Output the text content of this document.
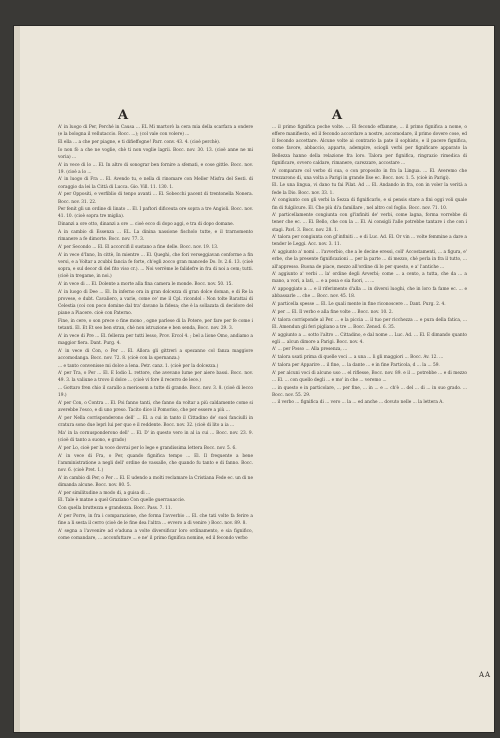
A	A

A' in luogo di Per, Perché in Causa ... EL Mi martorò la cera mia della scarfara a ondere (e la bologna il vellutaccio. Rocc. ...); (col vale con volere) ...

El ella ... a che per piagne, e ti difieffogne! Parr. conv. 43. 4. (cioè perchè).

Io non fò a che ne voglie, chè ti non voglie lagrii. Bocc. nov. 30. 13. (cioè anne ne mi voria) ...

A' in vece di lo ... El. In altro di sonograr ben fornire a sfemati, e cose gittle. Bocc. nov. 19. (cioè a lo ...

A' in luogo di Fra ... El. Avendo tu, e nella di rinomare con Meller Misfra del Sesti. di coraggio da lei la Città di Lucca. Gio. Vill. 11. 130. 1.

A' per Oppositi, e verfiblio di tenpo avanti ... El. Sobecchi pacent di trentonella Nonera. Bocc. nov. 31. 22.

Per fenit gli un ordine di linato ... El. I paftori dificeuta ore sopra a tre Angioli. Bocc. nov. 41. 10. (cioè sopra tre miglia).

Dinanzi a ore otto, dinanzi a ore ... cioè ecco di dopo aggi, e tra di dopo domane.

A in cambio di Essenza ... EL. La dinina nassione fischolo tutte, e il trarnomento rimanere a fe dimorte. Bocc. nov. 77. 3.

A' per Secondo ... El. El accorcifi il sustano a fine delle. Bocc. nov. 19. 13.

A' in vece d'Inno, In cittè, In mientre ... El. Queghi, che fori verseggiavan conforme a fin versi, e a Voltar a zcubbi fancia fe forte, ch'egli zocco gran mancede Do. Iv. 2.6. 13. (cioè sopra, e sul decor di del fito viso cr.). ... Noi verrème le falidefre in fra di noi a cem; tutti. (cioè in tregame, in noi.)

A' in vece di ... El. Dolente a morte alla fina camera le monde. Bocc. nov. 50. 15.

A' in luogo di Dee ... El. In inferno ora in gran dolcezza di gran dolce doman, e di Re la provese, e dubt. Cavaliero, a varie, come ce' me il Cpl. ricondol : Non tolte Barattai di Celestia (coi con poco domine dal tra' davano la fidesa; che è la sollazata di decidore del piane a Piacere. cioè con Paterno.

Fine, in cere, o son prece o fine mono , ogne parlese di la Potere, per fare per fe come i tetanti. El. Et Et seo ben stran, chè non istruzione e ben senda, Bocc. nov. 29. 3.

A' in vece di Pre ... El. fellerza per tutti lesso, Prov. Ercol 4. ; bel a lione Omo, andiamo a maggior fiera. Dant. Purg. 4.

A' in vece di Con, o Per ... El. Allora gli gittreri a spezanno col fanza maggiore accomodanga. Bocc. nov. 72. 8. (cioè con la spernanza.)

... e tanto convenisse mi dolce a lena. Petr. canz. 1. (cioè per la dolcezza.)

A' per Tra, o Per ... El. E Iodio L. rettore, che avevano lume per aiere bassi. Bocc. nov. 49. 3. la valiune a trovo il dolce ... (cioè vi fore il recerro de lece.)

... Gottaro fren chio il carallo a meriosom a tutte di grande. Bocc. nov. 3. 8. (cioè di lecco 19.)

A' per Con, o Contra ... El. Poi fanno tanti, che fanno da voltar a più caldamente come si averebbe l'esco, e di uno preso. Tacito dice il Pomoriso, che per essere a più ...

A' per Nella corrisponderono dell' ... El. a cui in tanto il Cittadino de' suoi fanciulli in cratura sono due lepri lui per quo e il reddente. Bocc. nov. 32. (cioè di lito a ia ...

Ma' in la cornusponderono dell' ... El. D' in questo vero in al ia cui ... Bocc. nov. 23. 9. (cioè di tanto a suono, e grado)

A' per Lo, cioè per la voce dovrai per lo lege e grandissima lettera Bocc. nov. 5. 6.

A' in vece di Fra, o Per, quando fignifica tempo ... El. Il frequente a bene l'amministratione a negli dell' ordine de vassalle, che quando fu tanto e di fanno. Bocc. nov. 6. (cioè Pret. 1.)

A' in cambio di Per, o Per ... El. E udendo a molti reclamare la Cristiana Fede ec. un di ne dimanda alcune. Bocc. nov. 80. 5.

A' per similitudine a modo di, a guisa di ...

El. Tale è matne a quel Graziano Con quelle guerrauaccie.

Con quella bruttezza e grandezza. Bocc. Pass. 7. 11.

A' per Porre, in fra i comparazione, che forma l'avverbio ... El. che tati volte fa ferire a fine a li sesta il cerro (cioè de le fine dea l'altra ... evvero a di venire ) Bocc. nov. 89. 8.

A' segna a l'avvenire ad e'aduna a volte diversificar loro ordinamento, e sia fignifico, come comandare, ... acconfuttare ... e ne' il primo fignifica nomine, ed il fecondo verbo

... il primo fignifica poche volte. ... El fecondo effamme, ... il primo fignifica a nome, o effere manifiesto, ed il fecondo accordare a nostre, accomodare, il primo dovere cose, ed il fecondo accettare. Alcune volte ai contrario la pate il sophisto, e il pacere fignifica, come favore, abbaccio, apparto, adempire, sciogli verbi per fignificare apparato la Bellezza hanno della relazione fra loro. Talora per fignifica, ringrazio rimedica di fignificare, ovvero caldare, rimanere, carezzare, accostare ...

A' comparare col verbo di sua, o con proposito in fra la Lingua. ... El. Averemo che trezzarono di, una volta a Parigi in grande Ilse ec. Bocc. nov. 1. 5. (cioè in Parigi).

El. Le una lingua, vi dano tu fai Pilat. Ad ... El. Andando in fra, con in voler la verità a fede la Dio. Bocc. nov. 33. 1.

A' congiunto con gli verbi la Sezza di fignificarlo, e si pensis stare a fini oggi voli quale fin di fulgilcure. El. Che più di'a famillare , nel altro col foglio. Bocc. nov. 71. 10.

A' particellamente congiunta con gl'infiniti de' verbi, come lagna, forma vorrebbe di tener che ec. ... El. Bello, che con la ... El. Ai consigli l'alle potrebbe tantare i che con i stagi. Pavl. 3. Bocc. nov. 28. 1.

A' talora per congiunta con gl'infiniti ... e di Luc. Ad. El. Or vin ... volte femmine a dare a tender le Leggi. Acc. nov. 3. 11.

A' aggiunto a' nomi ... l'avverbio, che a le decine eressi, coll' Accostamenti, ... a figura, e' erbe, che la presente fignificazioni ... per la parte ... di mezzo, chè perla in fra il tutto, ... all'appresso. Buona de piace, mezzo all'ordine di lo per questo, e a' l'antiche ...

A' aggiunto a' verbi ... la' ordine degli Avverbi; come ... a cento, a tutta, che da ... a mano, a vori, a lati, ... e a posa e sia fuori, ... ...

A' appoggiato a ... e il riferimento d'alla ... in diversi luoghi, che in loro fa fame ec. ... e abbassarle ... che ... Bocc. nov. 45. 18.

A' particella spesse ... El. Le quali mente in fine riconoscere ... Dant. Purg. 2. 4.

A' per ... El. Il verbo e alla fine volte ... Bocc. nov. 10. 2.

A' talora corrisponde al Per. ... e la piccia ... il tuo per ricchezza ... e pura della fatica, ... El. Amendun gli feri pigliano a tre ... Bocc. Zenod. 6. 35.

A' aggiunto a ... sotto l'altro ... Cittadino, e dal nome ... Luc. Ad. ... El. E dimando quanto egli ... alcun dimore a Parigi. Bocc. nov. 4.

A' ... per Posso ... Alla presenza, ...

A' talora usati prima di quelle voci ... a una ... li gli maggiori ... Bocc. Av. 12. ...

A' talora per Apparire ... il fine, ... la dante ... e in fine Particola, d ... la ... 59.

A' per alcuni voci di alcuno uso ... el riflesse, Bocc. nov. 89. e il ... potrebbe ... e di mezzo ... El. ... con quello degli ... e mo' in che ... veremo ...

... in questo e in particolare, ... per fine, ... in ... e ... ch'è ... del ... di ... in suo grado. ... Bocc. nov. 55. 29.

... il verbo ... fignifica di ... vero ... la ... ed anche ... dovuto nelle ... la lettera A.

AA
